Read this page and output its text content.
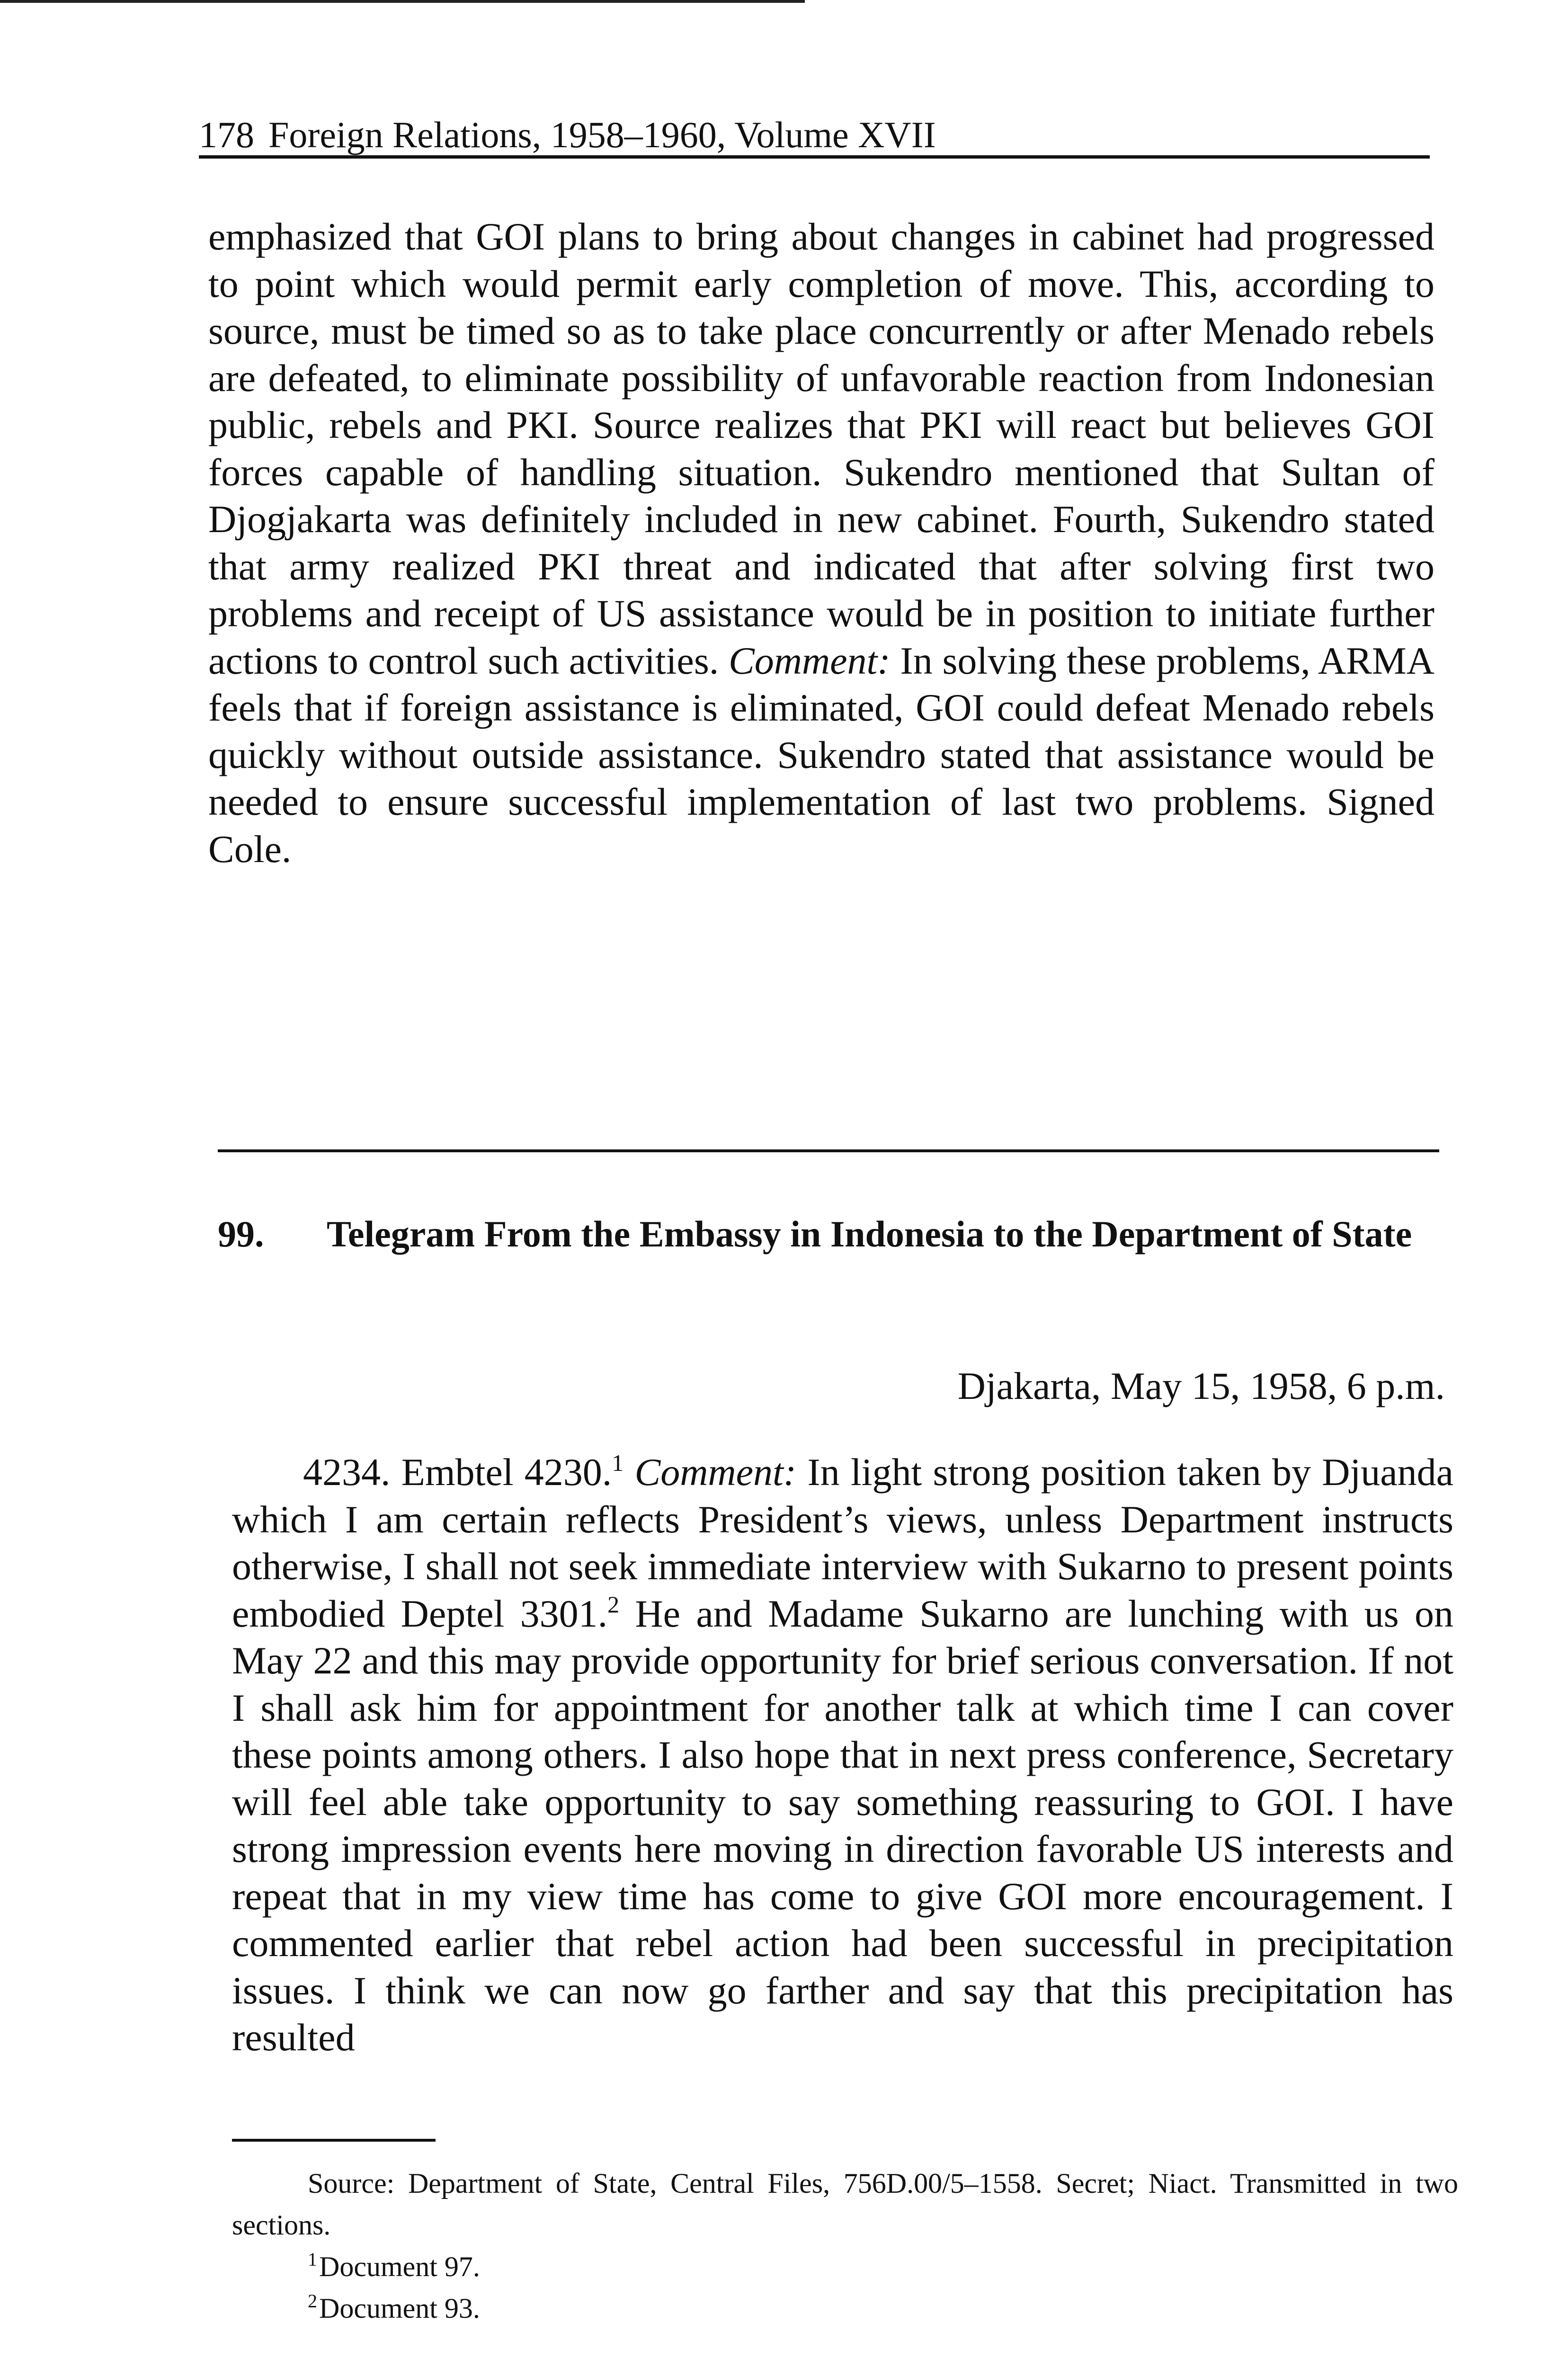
178 Foreign Relations, 1958–1960, Volume XVII

emphasized that GOI plans to bring about changes in cabinet had progressed to point which would permit early completion of move. This, according to source, must be timed so as to take place concurrently or after Menado rebels are defeated, to eliminate possibility of unfavorable reaction from Indonesian public, rebels and PKI. Source realizes that PKI will react but believes GOI forces capable of handling situation. Sukendro mentioned that Sultan of Djogjakarta was definitely included in new cabinet. Fourth, Sukendro stated that army realized PKI threat and indicated that after solving first two problems and receipt of US assistance would be in position to initiate further actions to control such activities. Comment: In solving these problems, ARMA feels that if foreign assistance is eliminated, GOI could defeat Menado rebels quickly without outside assistance. Sukendro stated that assistance would be needed to ensure successful implementation of last two problems. Signed Cole.

99. Telegram From the Embassy in Indonesia to the Department of State
Djakarta, May 15, 1958, 6 p.m.

4234. Embtel 4230.$^1$ Comment: In light strong position taken by Djuanda which I am certain reflects President’s views, unless Department instructs otherwise, I shall not seek immediate interview with Sukarno to present points embodied Deptel 3301.$^2$ He and Madame Sukarno are lunching with us on May 22 and this may provide opportunity for brief serious conversation. If not I shall ask him for appointment for another talk at which time I can cover these points among others. I also hope that in next press conference, Secretary will feel able take opportunity to say something reassuring to GOI. I have strong impression events here moving in direction favorable US interests and repeat that in my view time has come to give GOI more encouragement. I commented earlier that rebel action had been successful in precipitation issues. I think we can now go farther and say that this precipitation has resulted

Source: Department of State, Central Files, 756D.00/5–1558. Secret; Niact. Transmitted in two sections.

$^1$Document 97.

$^2$Document 93.
